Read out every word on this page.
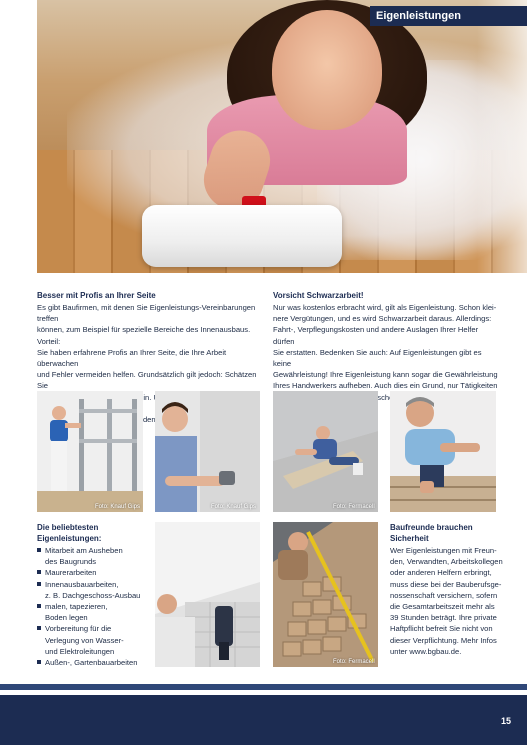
Eigenleistungen
Besser mit Profis an Ihrer Seite
Es gibt Baufirmen, mit denen Sie Eigenleistungs-Vereinbarungen treffen
können, zum Beispiel für spezielle Bereiche des Innenausbaus. Vorteil:
Sie haben erfahrene Profis an Ihrer Seite, die Ihre Arbeit überwachen
und Fehler vermeiden helfen. Grundsätzlich gilt jedoch: Schätzen Sie
ein.

Vorsicht Schwarzarbeit!
Nur was kostenlos erbracht wird, gilt als Eigenleistung. Schon klei-
nere Vergütungen, und es wird Schwarzarbeit daraus. Allerdings:
Fahrt-, Verpflegungskosten und andere Auslagen Ihrer Helfer dürfen
Sie erstatten. Bedenken Sie auch: Auf Eigenleistungen gibt es keine
Gewährleistung! Ihre Eigenleistung kann sogar die Gewährleistung
Ihres Handwerkers aufheben. Auch dies ein Grund, nur Tätigkeiten

Foto: Knauf Gips	Foto: Knauf Gips	Foto: Fermacell
Die beliebtesten
Eigenleistungen:
Mitarbeit am Ausheben
des Baugrunds
Maurerarbeiten
Innenausbauarbeiten,
z. B. Dachgeschoss-Ausbau
malen, tapezieren,
Boden legen
Vorbereitung für die
Verlegung von Wasser-
und Elektroleitungen
Außen-, Gartenbauarbeiten	Foto: Fermacell
Baufreunde brauchen
Sicherheit
Wer Eigenleistungen mit Freun-
den, Verwandten, Arbeitskollegen
oder anderen Helfern erbringt,
muss diese bei der Bauberufsge-
nossenschaft versichern, sofern
die Gesamtarbeitszeit mehr als
39 Stunden beträgt. Ihre private
Haftpflicht befreit Sie nicht von
dieser Verpflichtung. Mehr Infos
unter www.bgbau.de.
15
